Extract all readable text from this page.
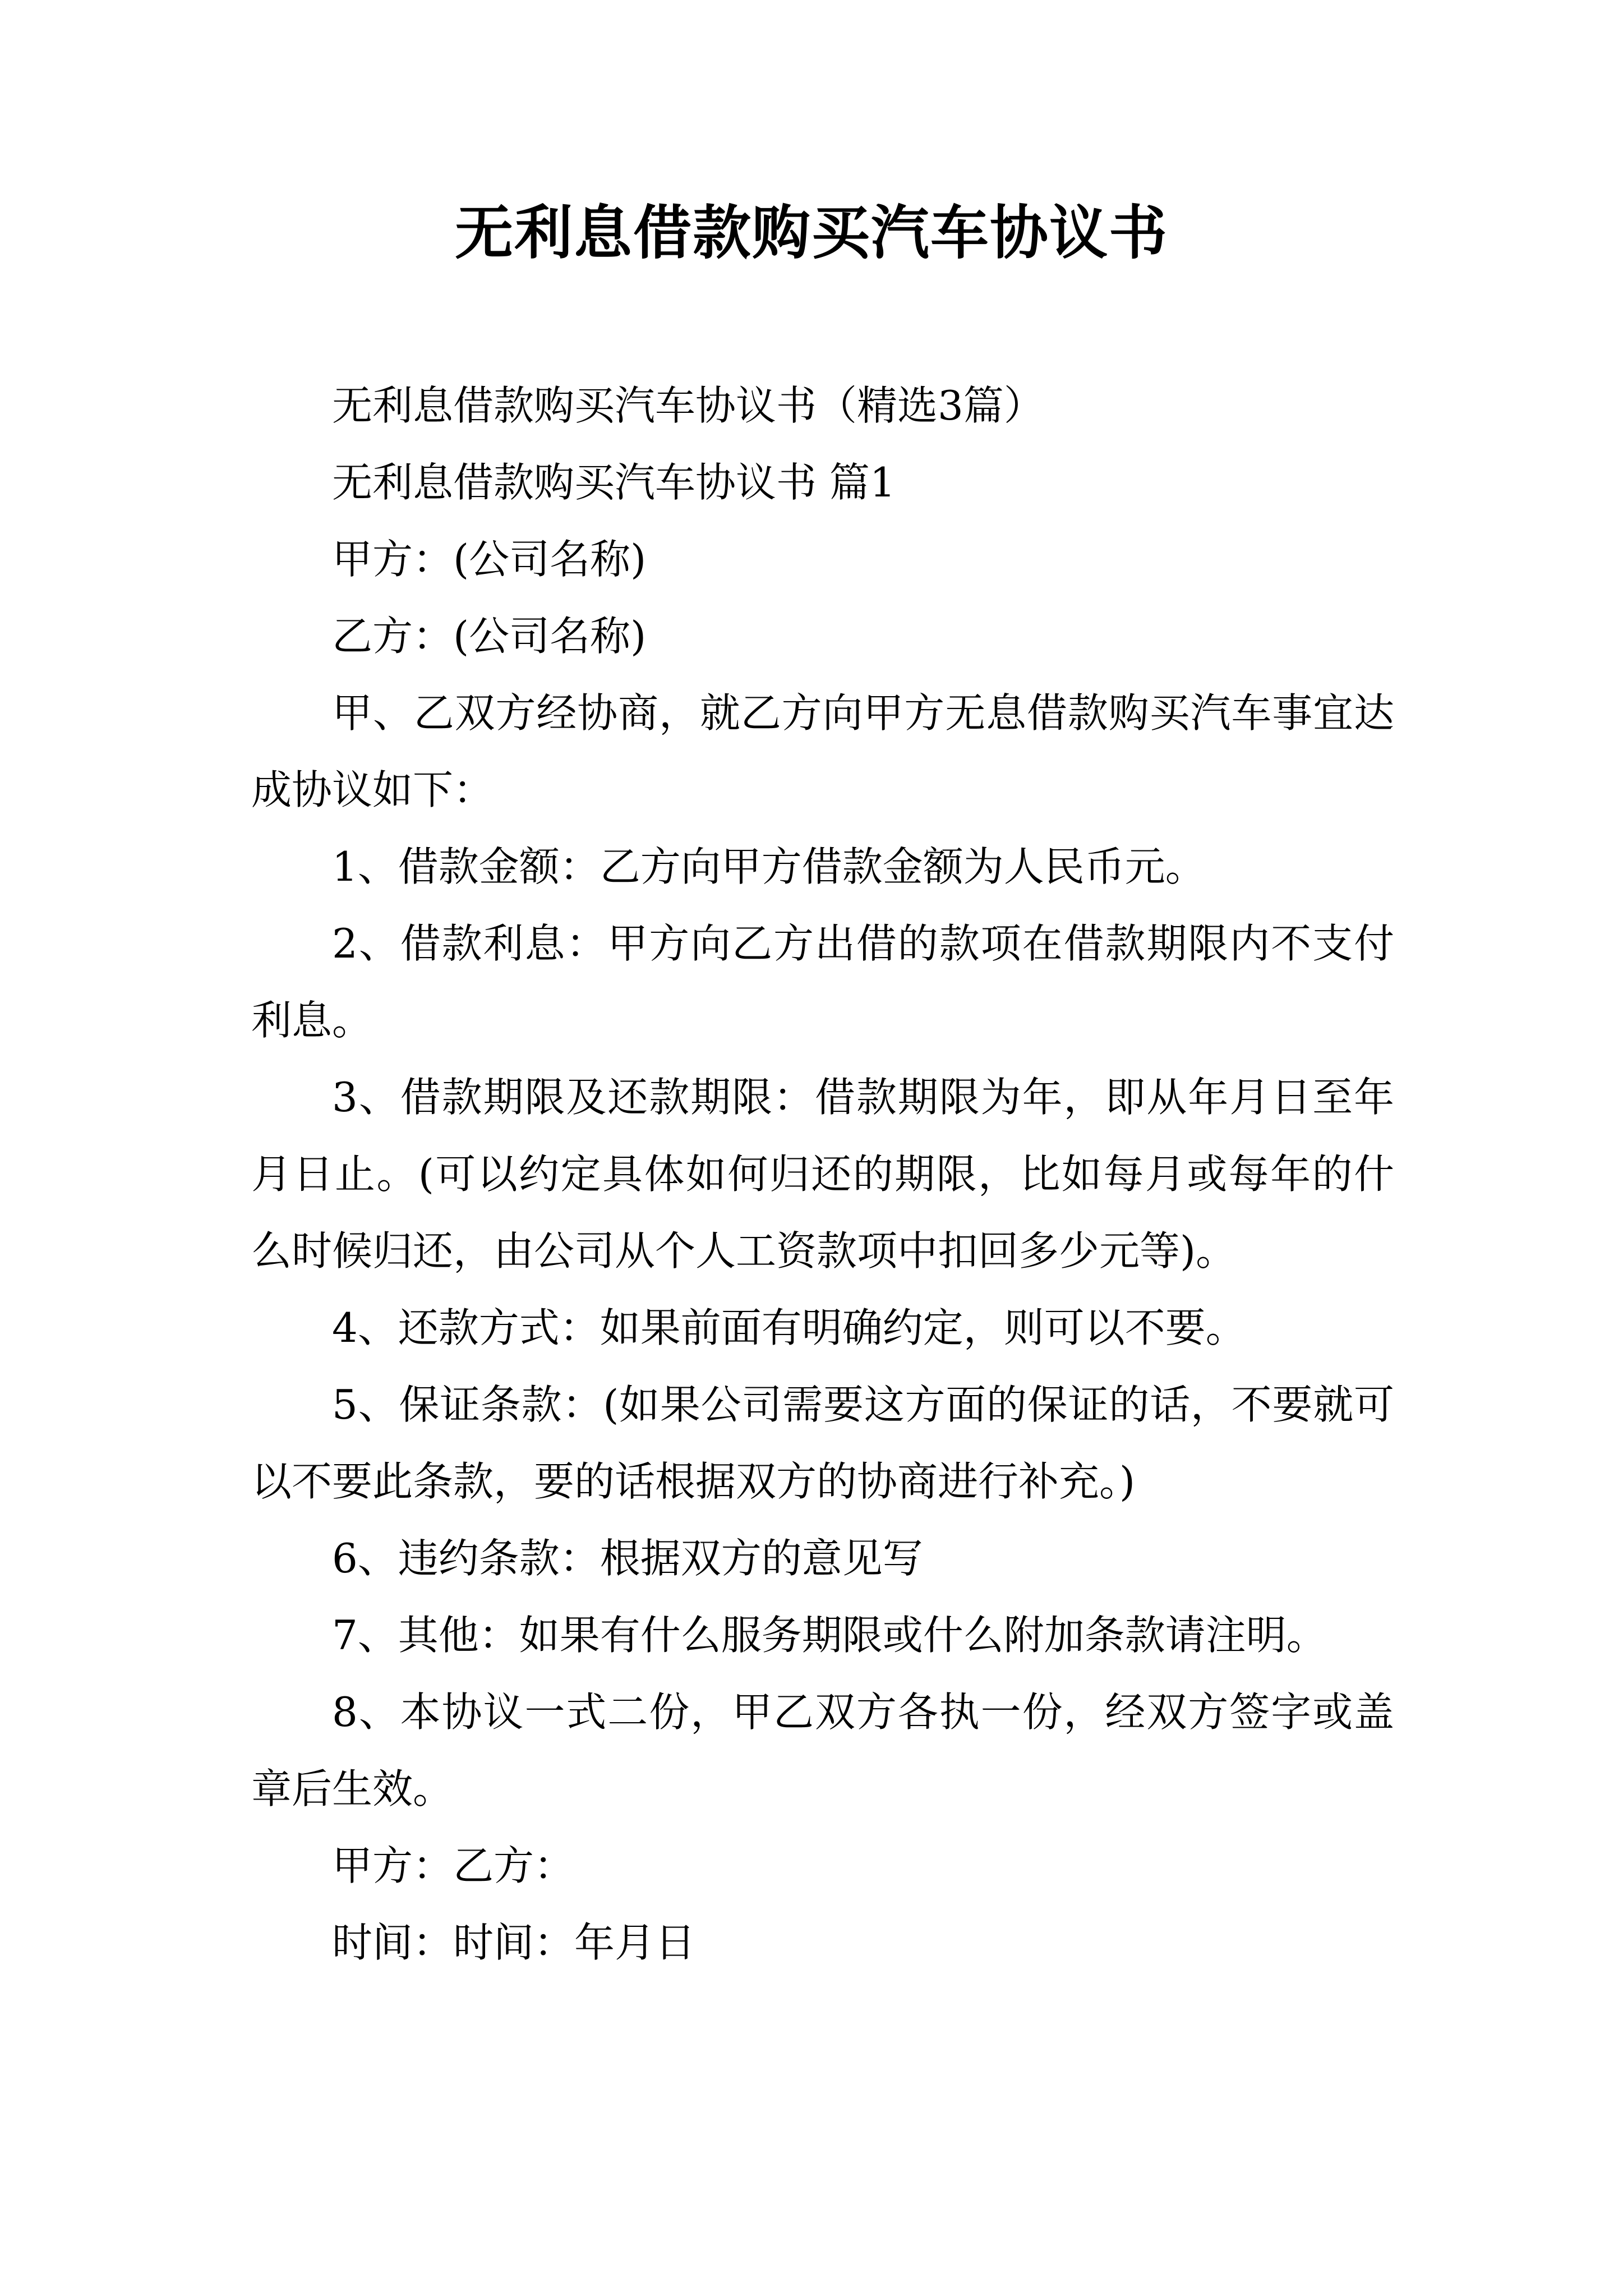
无利息借款购买汽车协议书

无利息借款购买汽车协议书（精选3篇）

无利息借款购买汽车协议书 篇1

甲方：(公司名称)

乙方：(公司名称)

甲、乙双方经协商，就乙方向甲方无息借款购买汽车事宜达成协议如下：

1、借款金额：乙方向甲方借款金额为人民币元。

2、借款利息：甲方向乙方出借的款项在借款期限内不支付利息。

3、借款期限及还款期限：借款期限为年，即从年月日至年月日止。(可以约定具体如何归还的期限，比如每月或每年的什么时候归还，由公司从个人工资款项中扣回多少元等)。

4、还款方式：如果前面有明确约定，则可以不要。

5、保证条款：(如果公司需要这方面的保证的话，不要就可以不要此条款，要的话根据双方的协商进行补充。)

6、违约条款：根据双方的意见写

7、其他：如果有什么服务期限或什么附加条款请注明。

8、本协议一式二份，甲乙双方各执一份，经双方签字或盖章后生效。

甲方：乙方：

时间：时间：年月日
